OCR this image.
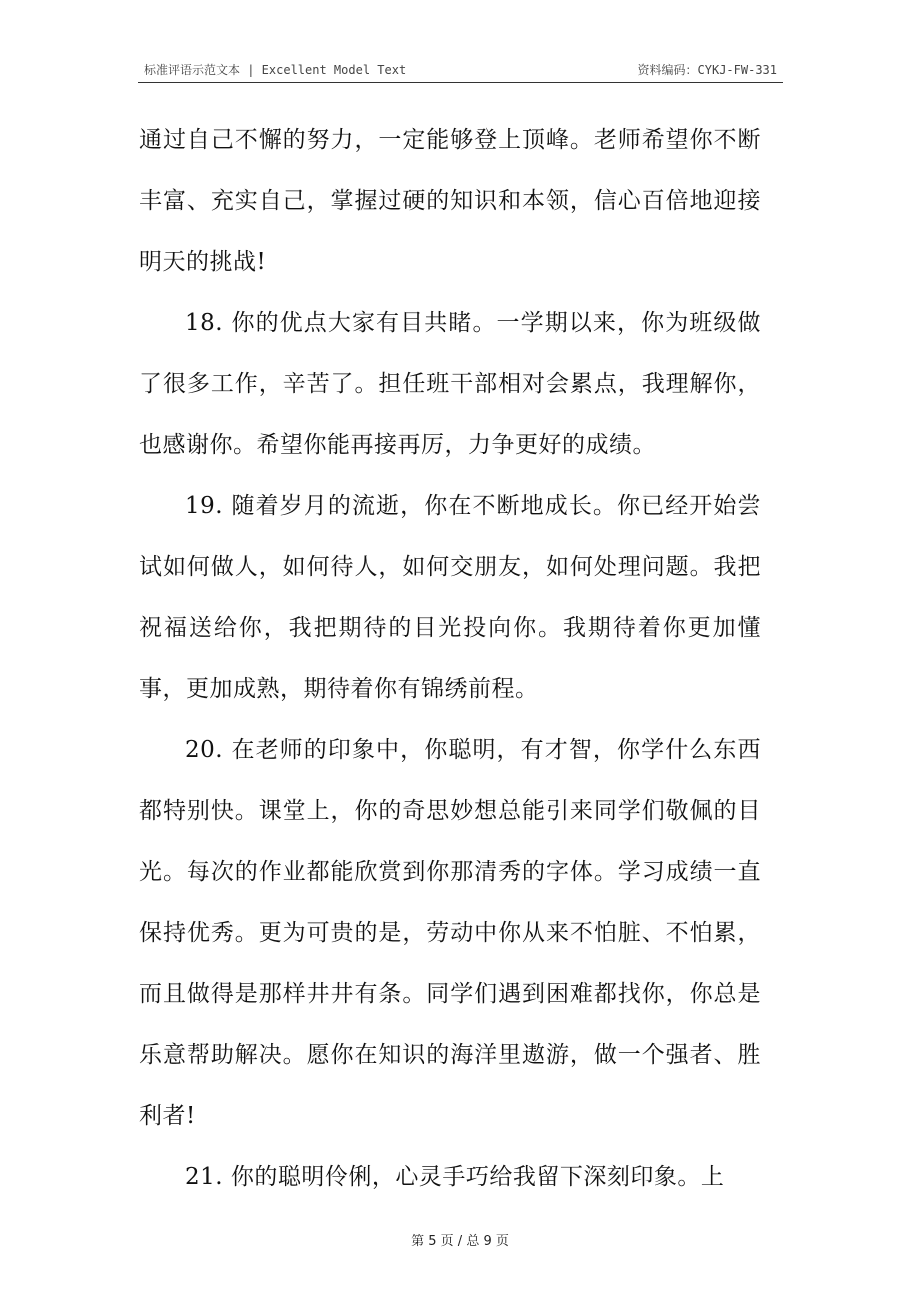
标准评语示范文本 | Excellent Model Text	资料编码：CYKJ-FW-331

通过自己不懈的努力，一定能够登上顶峰。老师希望你不断丰富、充实自己，掌握过硬的知识和本领，信心百倍地迎接明天的挑战!

18. 你的优点大家有目共睹。一学期以来，你为班级做了很多工作，辛苦了。担任班干部相对会累点，我理解你，也感谢你。希望你能再接再厉，力争更好的成绩。

19. 随着岁月的流逝，你在不断地成长。你已经开始尝试如何做人，如何待人，如何交朋友，如何处理问题。我把祝福送给你，我把期待的目光投向你。我期待着你更加懂事，更加成熟，期待着你有锦绣前程。

20. 在老师的印象中，你聪明，有才智，你学什么东西都特别快。课堂上，你的奇思妙想总能引来同学们敬佩的目光。每次的作业都能欣赏到你那清秀的字体。学习成绩一直保持优秀。更为可贵的是，劳动中你从来不怕脏、不怕累，而且做得是那样井井有条。同学们遇到困难都找你，你总是乐意帮助解决。愿你在知识的海洋里遨游，做一个强者、胜利者!

21. 你的聪明伶俐，心灵手巧给我留下深刻印象。上

第 5 页 / 总 9 页
